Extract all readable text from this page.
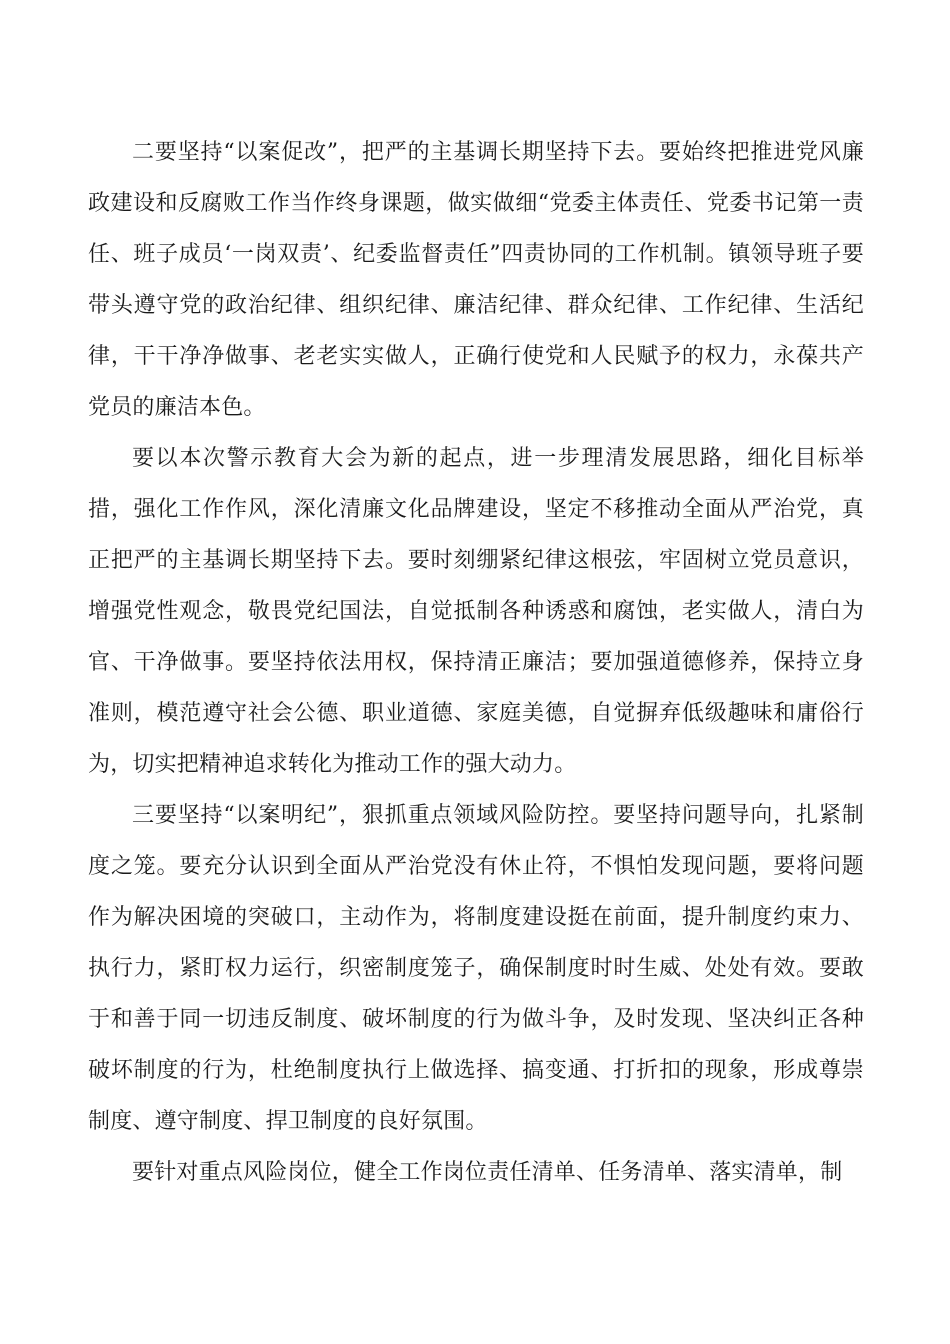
二要坚持“以案促改”，把严的主基调长期坚持下去。要始终把推进党风廉政建设和反腐败工作当作终身课题，做实做细“党委主体责任、党委书记第一责任、班子成员‘一岗双责’、纪委监督责任”四责协同的工作机制。镇领导班子要带头遵守党的政治纪律、组织纪律、廉洁纪律、群众纪律、工作纪律、生活纪律，干干净净做事、老老实实做人，正确行使党和人民赋予的权力，永葆共产党员的廉洁本色。

要以本次警示教育大会为新的起点，进一步理清发展思路，细化目标举措，强化工作作风，深化清廉文化品牌建设，坚定不移推动全面从严治党，真正把严的主基调长期坚持下去。要时刻绷紧纪律这根弦，牢固树立党员意识，增强党性观念，敬畏党纪国法，自觉抵制各种诱惑和腐蚀，老实做人，清白为官、干净做事。要坚持依法用权，保持清正廉洁；要加强道德修养，保持立身准则，模范遵守社会公德、职业道德、家庭美德，自觉摒弃低级趣味和庸俗行为，切实把精神追求转化为推动工作的强大动力。

三要坚持“以案明纪”，狠抓重点领域风险防控。要坚持问题导向，扎紧制度之笼。要充分认识到全面从严治党没有休止符，不惧怕发现问题，要将问题作为解决困境的突破口，主动作为，将制度建设挺在前面，提升制度约束力、执行力，紧盯权力运行，织密制度笼子，确保制度时时生威、处处有效。要敢于和善于同一切违反制度、破坏制度的行为做斗争，及时发现、坚决纠正各种破坏制度的行为，杜绝制度执行上做选择、搞变通、打折扣的现象，形成尊崇制度、遵守制度、捍卫制度的良好氛围。

要针对重点风险岗位，健全工作岗位责任清单、任务清单、落实清单，制
